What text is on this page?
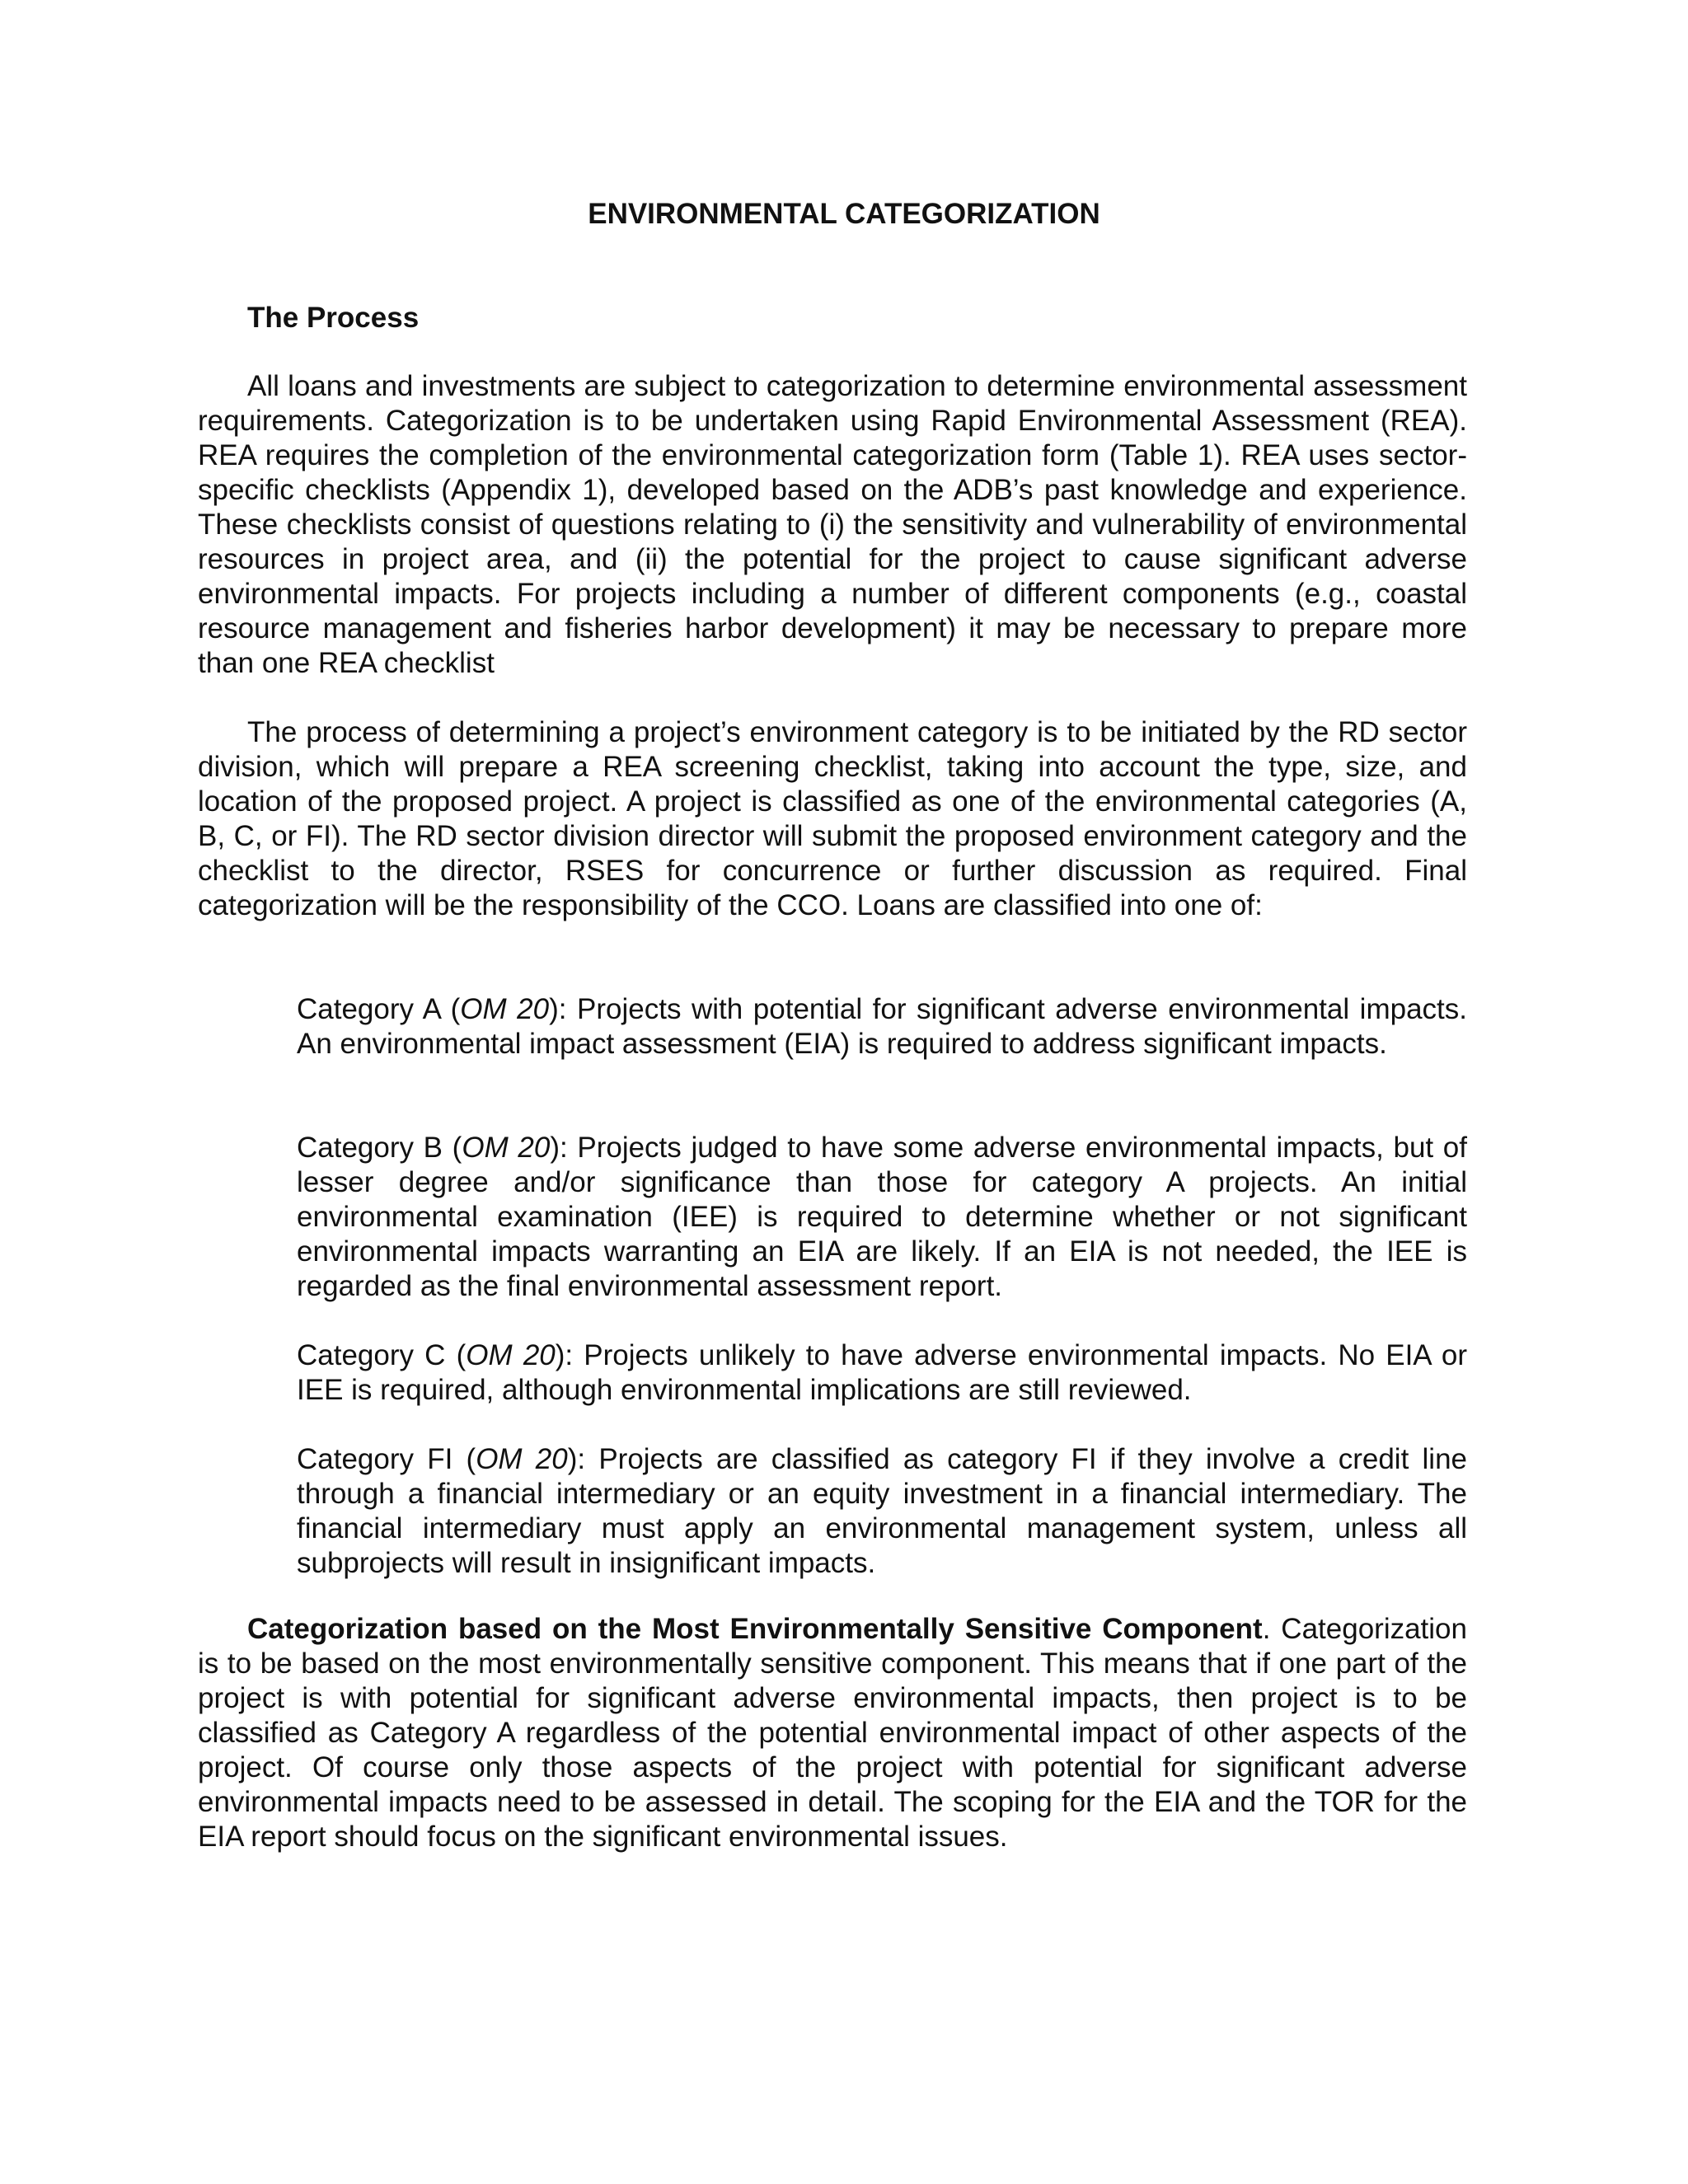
ENVIRONMENTAL CATEGORIZATION
The Process

All loans and investments are subject to categorization to determine environmental assessment requirements. Categorization is to be undertaken using Rapid Environmental Assessment (REA). REA requires the completion of the environmental categorization form (Table 1). REA uses sector-specific checklists (Appendix 1), developed based on the ADB’s past knowledge and experience. These checklists consist of questions relating to (i) the sensitivity and vulnerability of environmental resources in project area, and (ii) the potential for the project to cause significant adverse environmental impacts. For projects including a number of different components (e.g., coastal resource management and fisheries harbor development) it may be necessary to prepare more than one REA checklist

The process of determining a project’s environment category is to be initiated by the RD sector division, which will prepare a REA screening checklist, taking into account the type, size, and location of the proposed project. A project is classified as one of the environmental categories (A, B, C, or FI). The RD sector division director will submit the proposed environment category and the checklist to the director, RSES for concurrence or further discussion as required. Final categorization will be the responsibility of the CCO. Loans are classified into one of:

Category A (OM 20): Projects with potential for significant adverse environmental impacts. An environmental impact assessment (EIA) is required to address significant impacts.

Category B (OM 20): Projects judged to have some adverse environmental impacts, but of lesser degree and/or significance than those for category A projects. An initial environmental examination (IEE) is required to determine whether or not significant environmental impacts warranting an EIA are likely. If an EIA is not needed, the IEE is regarded as the final environmental assessment report.

Category C (OM 20): Projects unlikely to have adverse environmental impacts. No EIA or IEE is required, although environmental implications are still reviewed.

Category FI (OM 20): Projects are classified as category FI if they involve a credit line through a financial intermediary or an equity investment in a financial intermediary. The financial intermediary must apply an environmental management system, unless all subprojects will result in insignificant impacts.

Categorization based on the Most Environmentally Sensitive Component. Categorization is to be based on the most environmentally sensitive component. This means that if one part of the project is with potential for significant adverse environmental impacts, then project is to be classified as Category A regardless of the potential environmental impact of other aspects of the project. Of course only those aspects of the project with potential for significant adverse environmental impacts need to be assessed in detail. The scoping for the EIA and the TOR for the EIA report should focus on the significant environmental issues.
